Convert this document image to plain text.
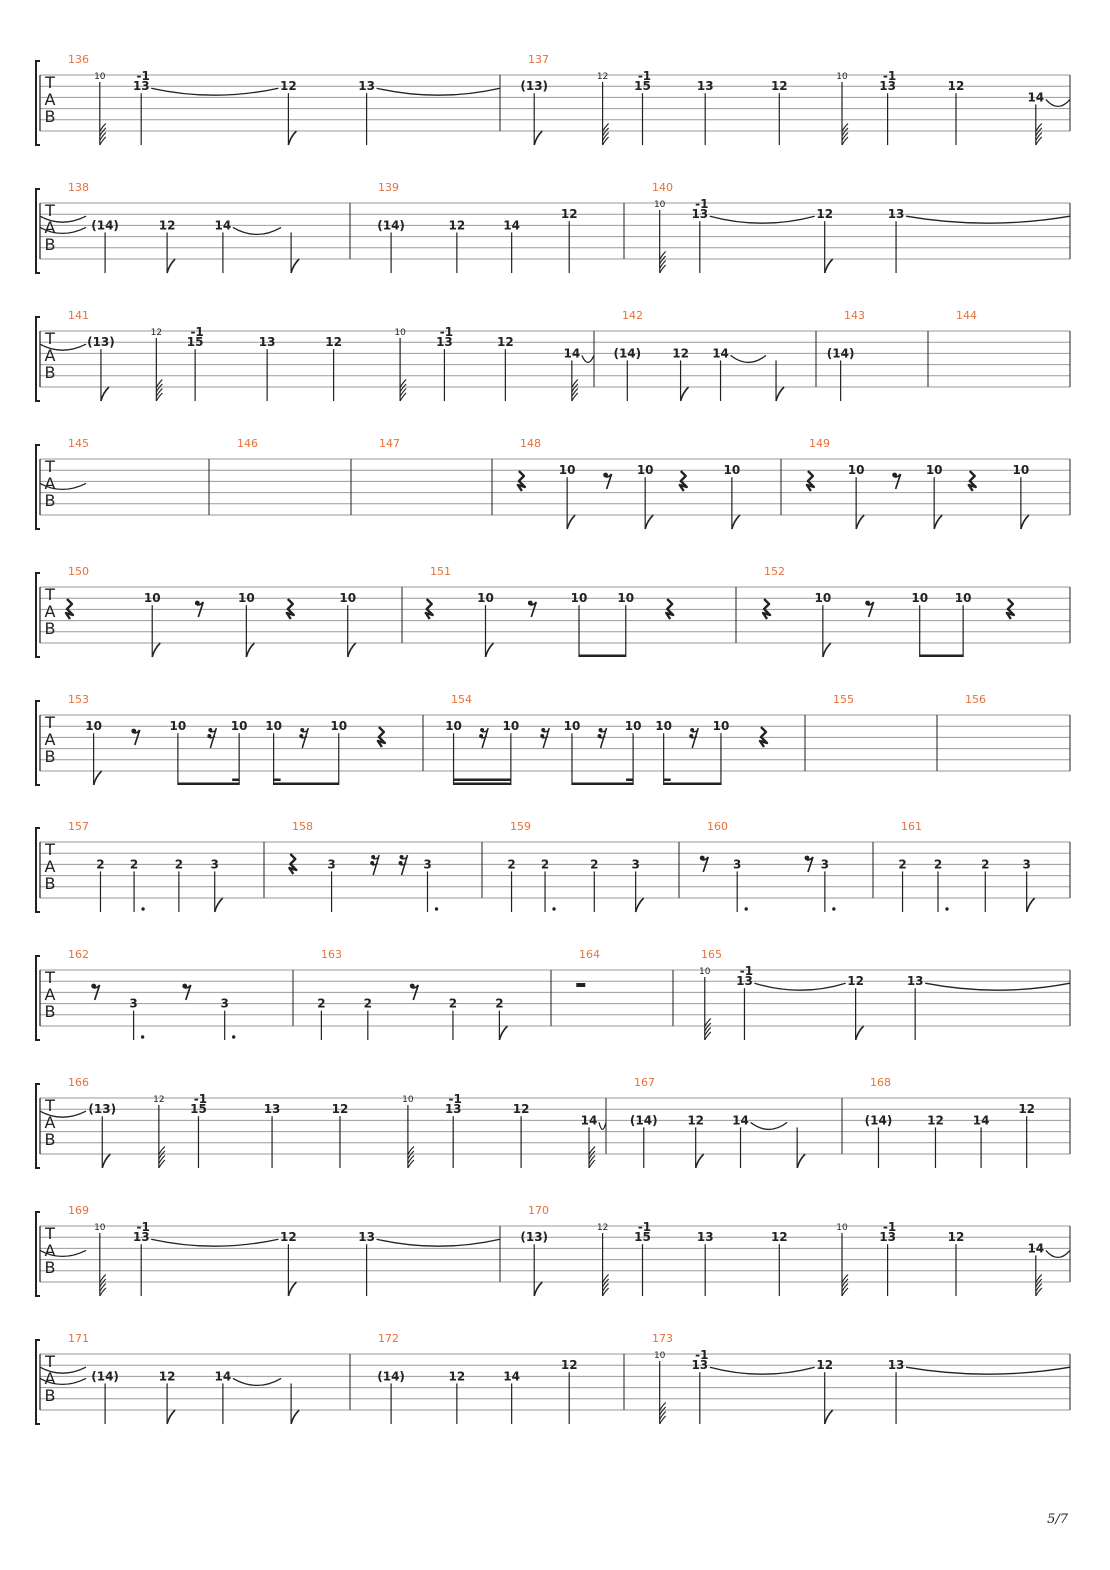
T
A
B
136
10
13
-1
12	13
137
(13)
12
15
-1
13	12
10
13
-1
12
14
T
A
B
138
(14)	12	14
139
(14)	12	14
12
140
10
13
-1
12	13
T
A
B
141
(13)
12
15
-1
13	12
10
13
-1
12
14
142
(14)	12 14
143
(14)
144
T
A
B
145	146	147	148
10	10	10
149
10	10	10
T
A
B
150
10	10	10
151
10	10	10
152
10	10 10
T
A
B
153
10	10	10 10	10
154
10	10	10	10 10	10
155	156
T
A
B
157
2 2	2 3
158
3	3
159
2 2	2	3
160
3	3
161
2 2	2	3
T
A
B
162
3	3
163
2	2	2	2
164	165
10
13
-1
12	13
T
A
B
166
(13)
12
15
-1
13	12
10
13
-1
12
14
167
(14) 12 14
168
(14)	12 14
12
T
A
B
169
10
13
-1
12	13
170
(13)
12
15
-1
13	12
10
13
-1
12
14
T
A
B
171
(14)	12	14
172
(14)	12	14
12
173
10
13
-1
12	13
5/7
